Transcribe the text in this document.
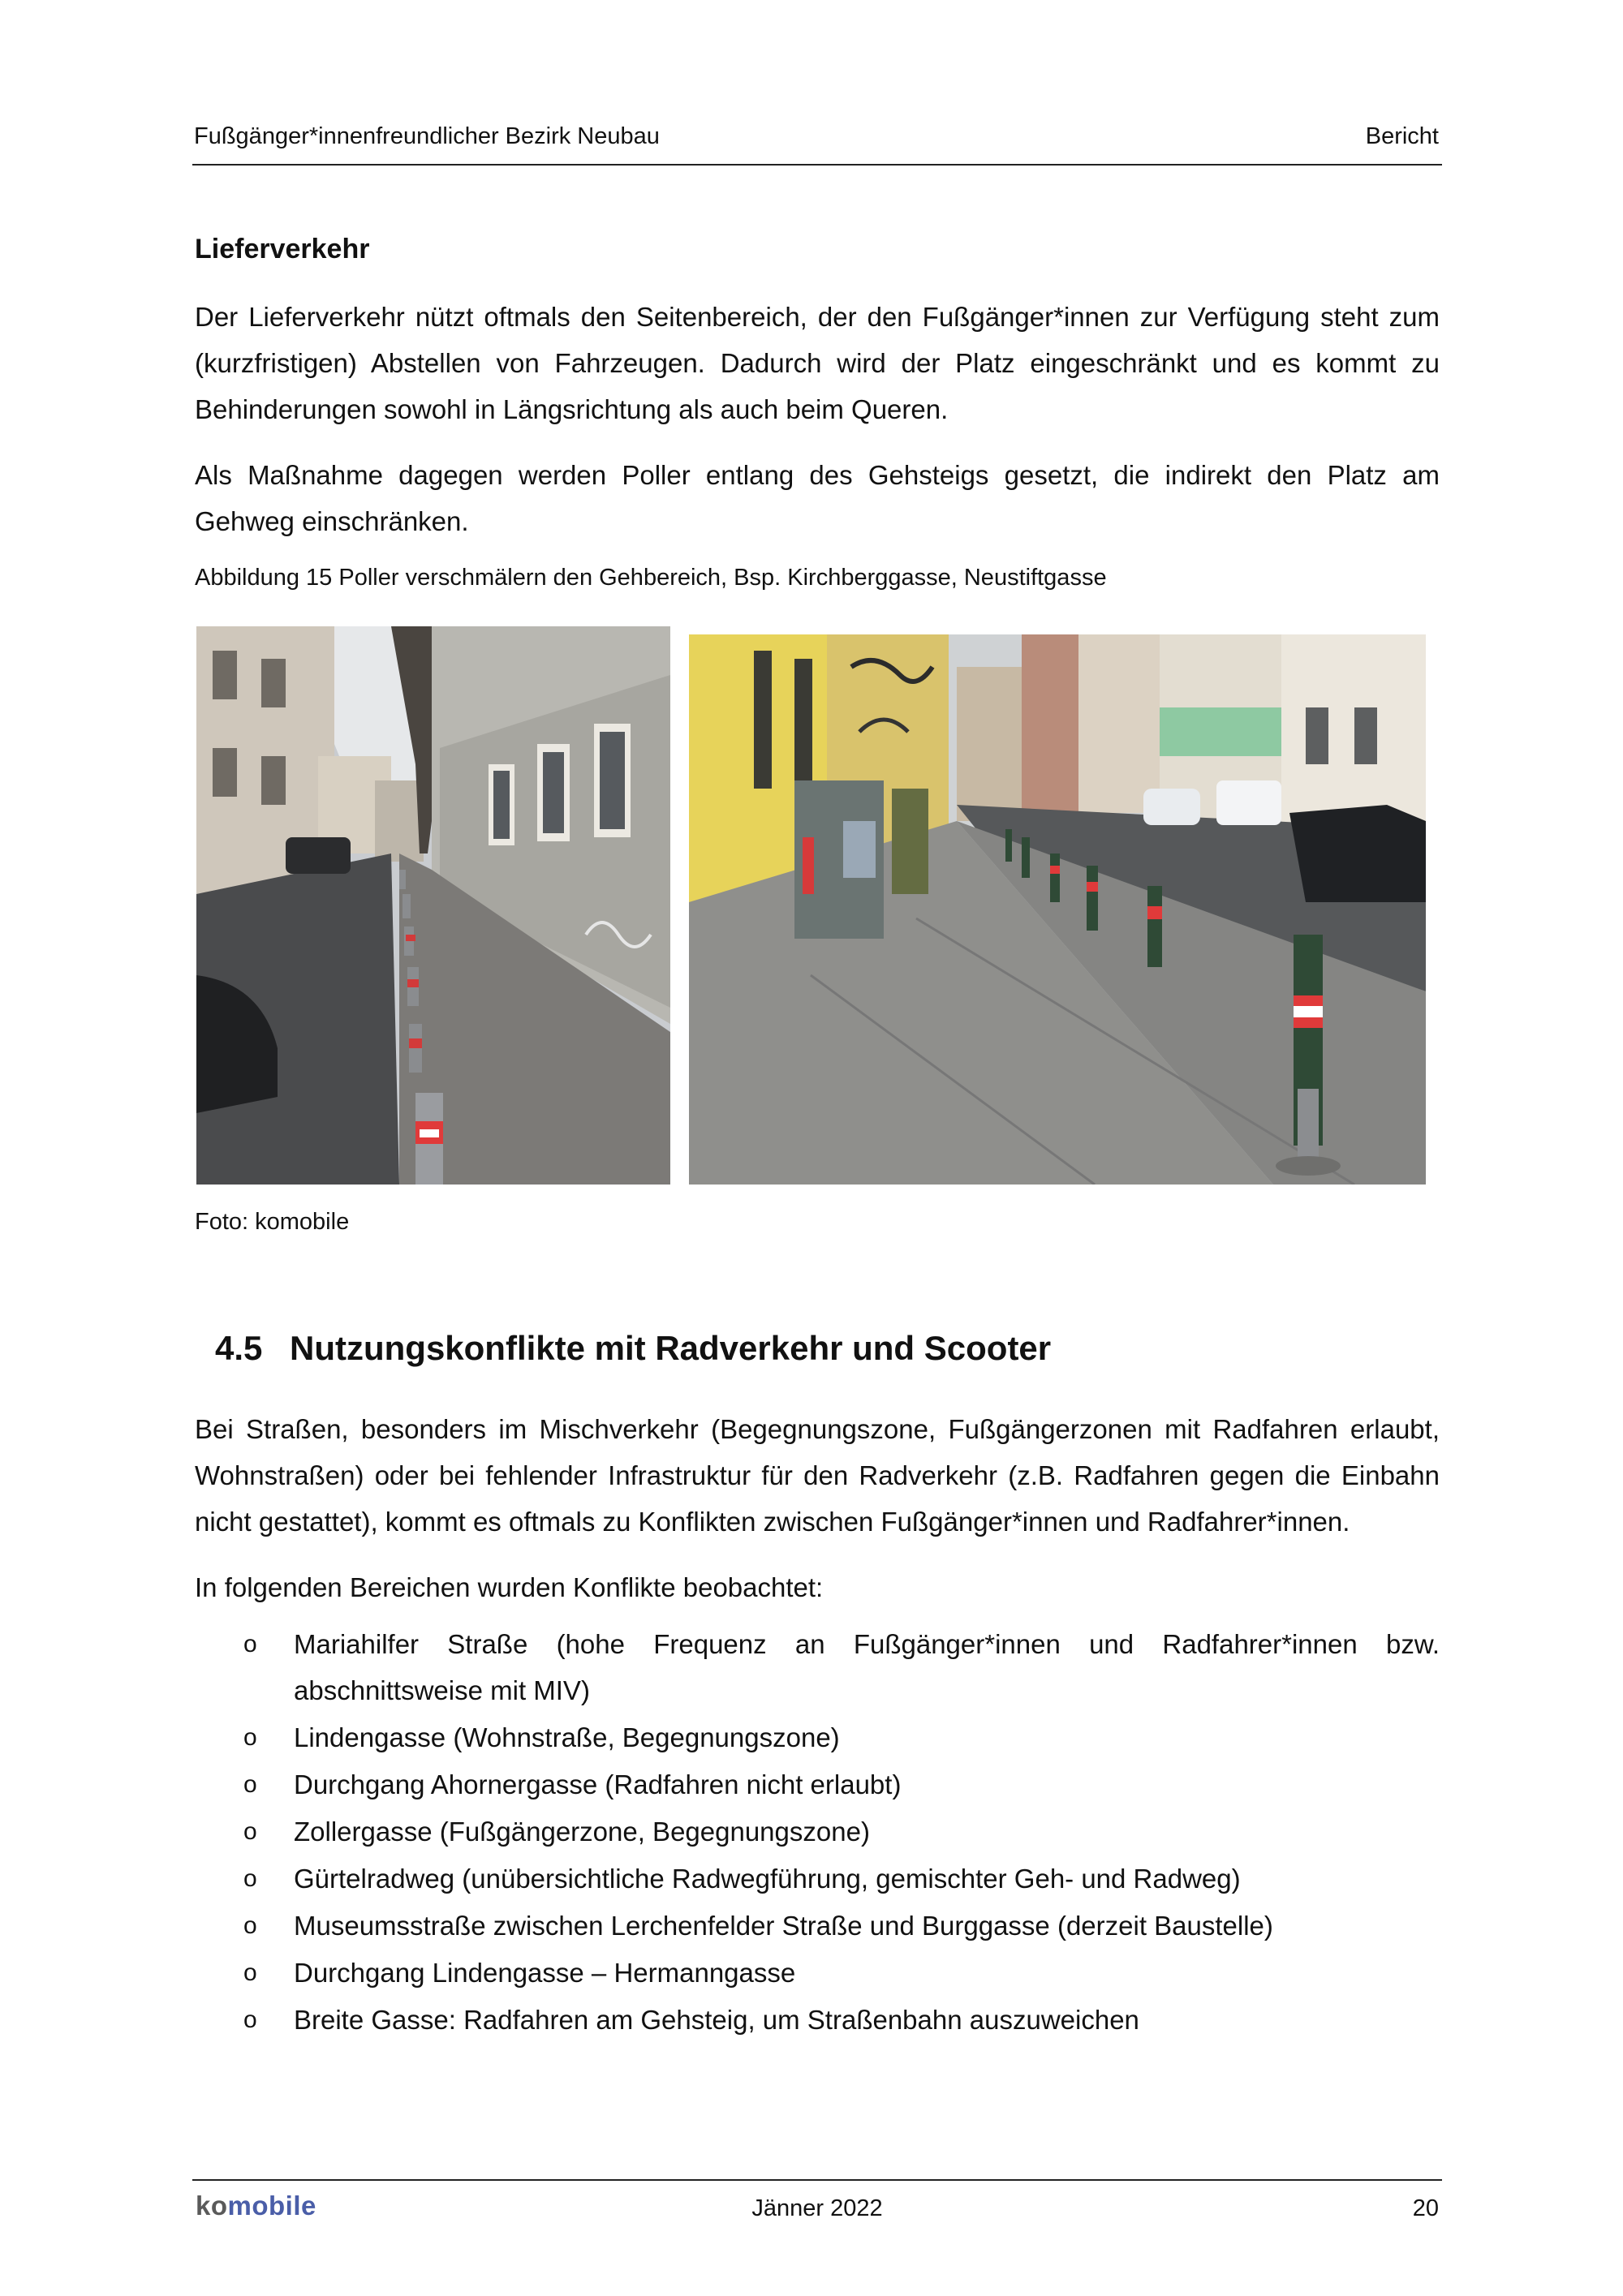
Fußgänger*innenfreundlicher Bezirk Neubau	Bericht
Lieferverkehr

Der Lieferverkehr nützt oftmals den Seitenbereich, der den Fußgänger*innen zur Verfügung steht zum (kurzfristigen) Abstellen von Fahrzeugen. Dadurch wird der Platz eingeschränkt und es kommt zu Behinderungen sowohl in Längsrichtung als auch beim Queren.

Als Maßnahme dagegen werden Poller entlang des Gehsteigs gesetzt, die indirekt den Platz am Gehweg einschränken.

Abbildung 15 Poller verschmälern den Gehbereich, Bsp. Kirchberggasse, Neustiftgasse
Foto: komobile
4.5 Nutzungskonflikte mit Radverkehr und Scooter

Bei Straßen, besonders im Mischverkehr (Begegnungszone, Fußgängerzonen mit Radfahren erlaubt, Wohnstraßen) oder bei fehlender Infrastruktur für den Radverkehr (z.B. Radfahren gegen die Einbahn nicht gestattet), kommt es oftmals zu Konflikten zwischen Fußgänger*innen und Radfahrer*innen.

In folgenden Bereichen wurden Konflikte beobachtet:

o Mariahilfer Straße (hohe Frequenz an Fußgänger*innen und Radfahrer*innen bzw. abschnittsweise mit MIV)
o Lindengasse (Wohnstraße, Begegnungszone)
o Durchgang Ahornergasse (Radfahren nicht erlaubt)
o Zollergasse (Fußgängerzone, Begegnungszone)
o Gürtelradweg (unübersichtliche Radwegführung, gemischter Geh- und Radweg)
o Museumsstraße zwischen Lerchenfelder Straße und Burggasse (derzeit Baustelle)
o Durchgang Lindengasse – Hermanngasse
o Breite Gasse: Radfahren am Gehsteig, um Straßenbahn auszuweichen
komobile	Jänner 2022	20
